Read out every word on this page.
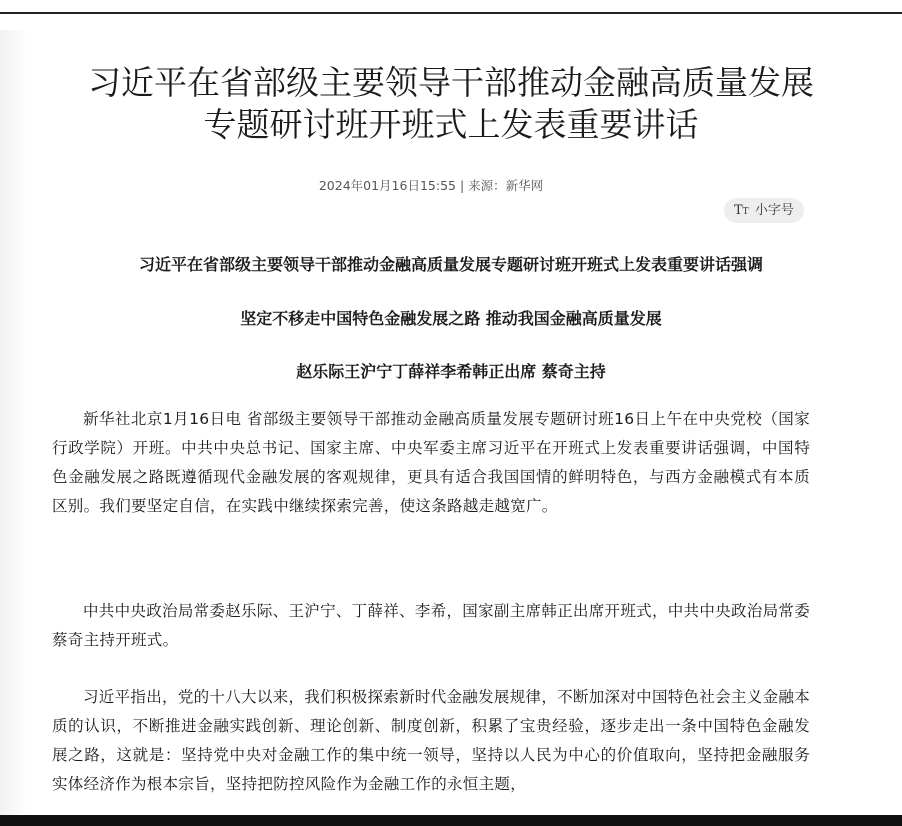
习近平在省部级主要领导干部推动金融高质量发展
专题研讨班开班式上发表重要讲话
2024年01月16日15:55 | 来源：新华网
TT 小字号
习近平在省部级主要领导干部推动金融高质量发展专题研讨班开班式上发表重要讲话强调
坚定不移走中国特色金融发展之路 推动我国金融高质量发展
赵乐际王沪宁丁薛祥李希韩正出席 蔡奇主持

新华社北京1月16日电 省部级主要领导干部推动金融高质量发展专题研讨班16日上午在中央党校（国家行政学院）开班。中共中央总书记、国家主席、中央军委主席习近平在开班式上发表重要讲话强调，中国特色金融发展之路既遵循现代金融发展的客观规律，更具有适合我国国情的鲜明特色，与西方金融模式有本质区别。我们要坚定自信，在实践中继续探索完善，使这条路越走越宽广。

中共中央政治局常委赵乐际、王沪宁、丁薛祥、李希，国家副主席韩正出席开班式，中共中央政治局常委蔡奇主持开班式。

习近平指出，党的十八大以来，我们积极探索新时代金融发展规律，不断加深对中国特色社会主义金融本质的认识，不断推进金融实践创新、理论创新、制度创新，积累了宝贵经验，逐步走出一条中国特色金融发展之路，这就是：坚持党中央对金融工作的集中统一领导，坚持以人民为中心的价值取向，坚持把金融服务实体经济作为根本宗旨，坚持把防控风险作为金融工作的永恒主题，
